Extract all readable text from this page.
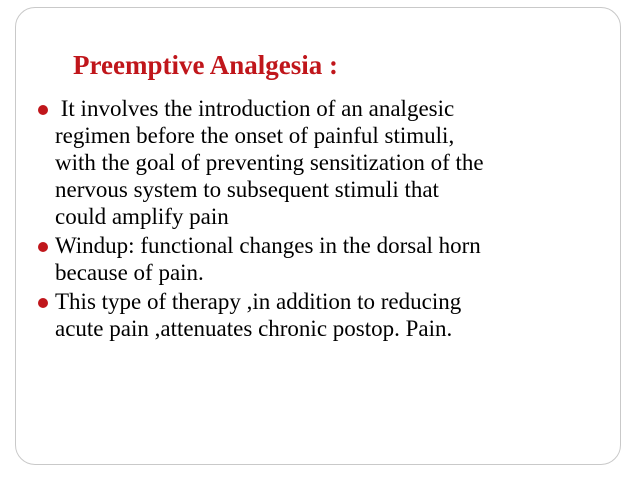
Preemptive Analgesia :
It involves the introduction of an analgesic
regimen before the onset of painful stimuli,
with the goal of preventing sensitization of the
nervous system to subsequent stimuli that
could amplify pain
Windup: functional changes in the dorsal horn
because of pain.
This type of therapy ,in addition to reducing
acute pain ,attenuates chronic postop. Pain.
